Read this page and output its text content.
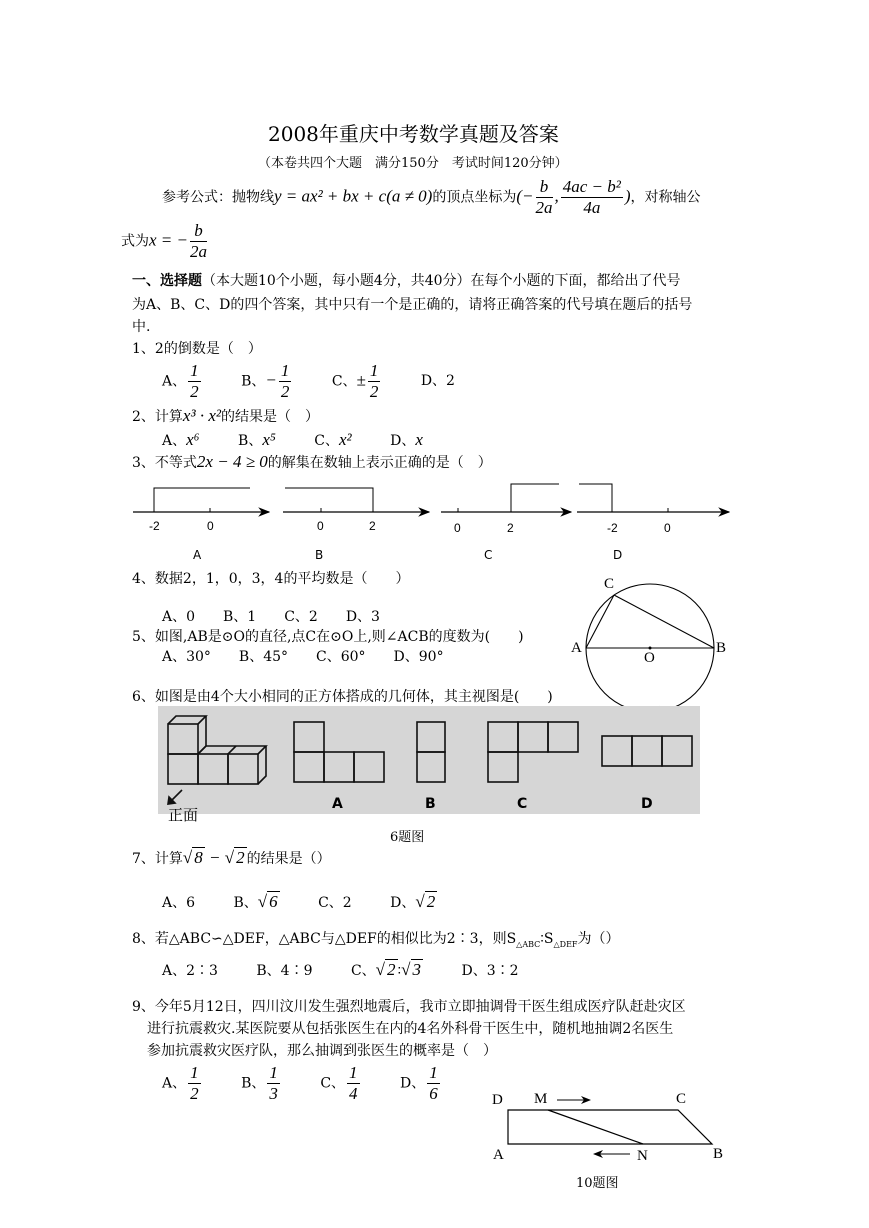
2008年重庆中考数学真题及答案
（本卷共四个大题　满分150分　考试时间120分钟）
参考公式：抛物线y = ax² + bx + c(a ≠ 0)的顶点坐标为(− $\frac{b}{2a}$ , $\frac{\text{4ac − b²}}{4a}$ )，对称轴公
式为x = − $\frac{b}{2a}$
一、选择题（本大题10个小题，每小题4分，共40分）在每个小题的下面，都给出了代号
为A、B、C、D的四个答案，其中只有一个是正确的，请将正确答案的代号填在题后的括号
中.
1、2的倒数是（　）
A、 $\frac{1}{2}$	B、− $\frac{1}{2}$	C、± $\frac{1}{2}$	D、2
2、计算x³ · x²的结果是（　）
A、x⁶	B、x⁵	C、x²	D、x
3、不等式2x − 4 ≥ 0的解集在数轴上表示正确的是（　）
-2	0	0	2	0	2	-2	0
A	B	C	D
4、数据2，1，0，3，4的平均数是（　　）
A、0　　B、1　　C、2　　D、3
5、如图,AB是⊙O的直径,点C在⊙O上,则∠ACB的度数为(　　)
A、30°　　B、45°　　C、60°　　D、90°
C
A	B
O
6、如图是由4个大小相同的正方体搭成的几何体，其主视图是(　　)
正面
A	B	C	D
6题图
7、计算√ 8 − √ 2 的结果是（）
A、6	B、√ 6	C、2	D、√ 2
8、若△ABC∽△DEF，△ABC与△DEF的相似比为2∶3，则$S_{\triangle ABC}∶S_{\triangle DEF}$为（）
A、2∶3	B、4∶9	C、√ 2 ∶√ 3	D、3∶2
9、今年5月12日，四川汶川发生强烈地震后，我市立即抽调骨干医生组成医疗队赶赴灾区
进行抗震救灾.某医院要从包括张医生在内的4名外科骨干医生中，随机地抽调2名医生
参加抗震救灾医疗队，那么抽调到张医生的概率是（　）
A、 $\frac{1}{2}$	B、 $\frac{1}{3}$	C、 $\frac{1}{4}$	D、 $\frac{1}{6}$	D M	C
A	N	B
10题图
